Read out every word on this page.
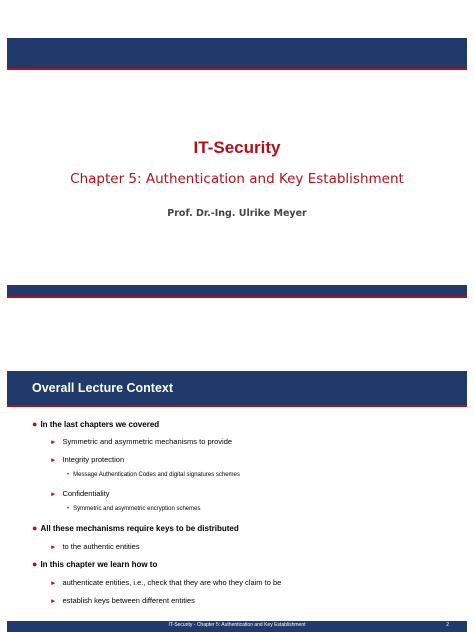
IT-Security
Chapter 5: Authentication and Key Establishment
Prof. Dr.-Ing. Ulrike Meyer
Overall Lecture Context
● In the last chapters we covered
► Symmetric and asymmetric mechanisms to provide
► Integrity protection
• Message Authentication Codes and digital signatures schemes
► Confidentiality
• Symmetric and asymmetric encryption schemes
● All these mechanisms require keys to be distributed
► to the authentic entities
● In this chapter we learn how to
► authenticate entities, i.e., check that they are who they claim to be
► establish keys between different entities
IT-Security - Chapter 5: Authentication and Key Establishment	2
